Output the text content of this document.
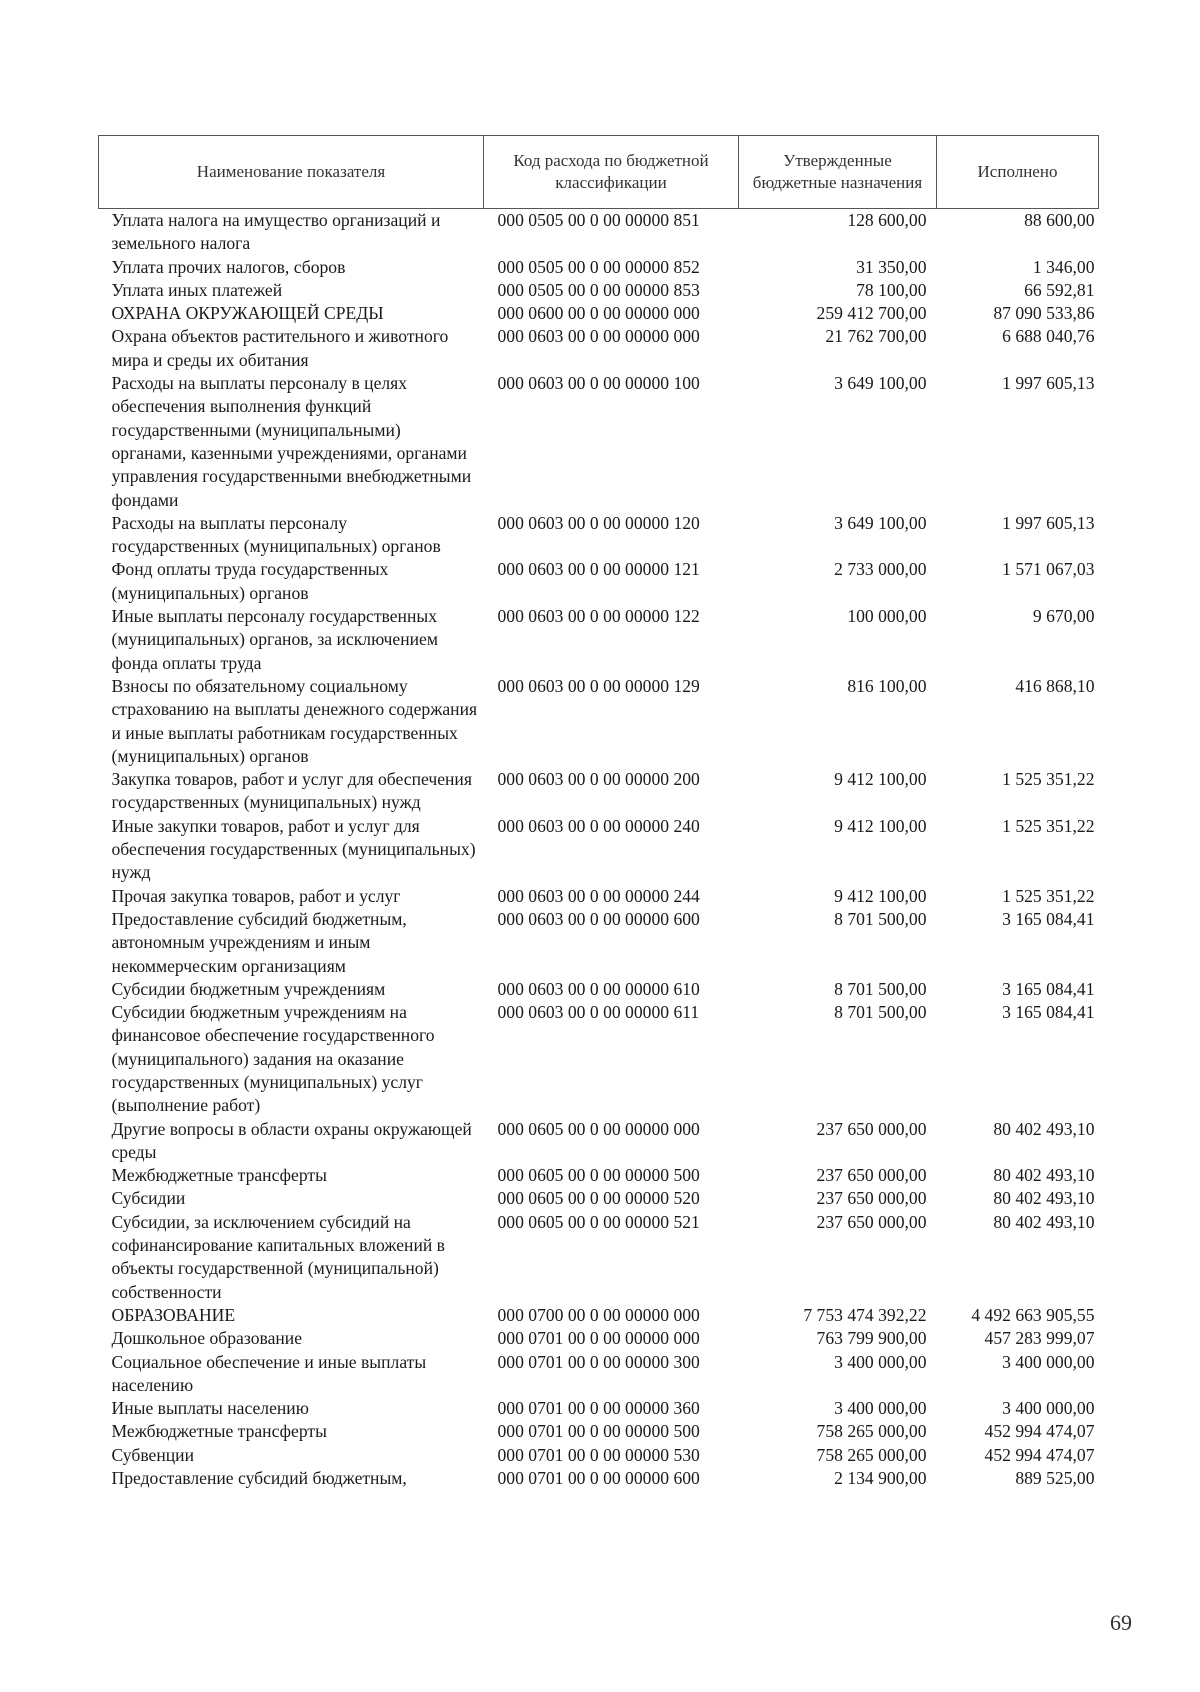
Наименование показателя	Код расхода по бюджетной классификации	Утвержденные бюджетные назначения	Исполнено
Уплата налога на имущество организаций и земельного налога	000 0505 00 0 00 00000 851	128 600,00	88 600,00
Уплата прочих налогов, сборов	000 0505 00 0 00 00000 852	31 350,00	1 346,00
Уплата иных платежей	000 0505 00 0 00 00000 853	78 100,00	66 592,81
ОХРАНА ОКРУЖАЮЩЕЙ СРЕДЫ	000 0600 00 0 00 00000 000	259 412 700,00	87 090 533,86
Охрана объектов растительного и животного мира и среды их обитания	000 0603 00 0 00 00000 000	21 762 700,00	6 688 040,76
Расходы на выплаты персоналу в целях обеспечения выполнения функций государственными (муниципальными) органами, казенными учреждениями, органами управления государственными внебюджетными фондами	000 0603 00 0 00 00000 100	3 649 100,00	1 997 605,13
Расходы на выплаты персоналу государственных (муниципальных) органов	000 0603 00 0 00 00000 120	3 649 100,00	1 997 605,13
Фонд оплаты труда государственных (муниципальных) органов	000 0603 00 0 00 00000 121	2 733 000,00	1 571 067,03
Иные выплаты персоналу государственных (муниципальных) органов, за исключением фонда оплаты труда	000 0603 00 0 00 00000 122	100 000,00	9 670,00
Взносы по обязательному социальному страхованию на выплаты денежного содержания и иные выплаты работникам государственных (муниципальных) органов	000 0603 00 0 00 00000 129	816 100,00	416 868,10
Закупка товаров, работ и услуг для обеспечения государственных (муниципальных) нужд	000 0603 00 0 00 00000 200	9 412 100,00	1 525 351,22
Иные закупки товаров, работ и услуг для обеспечения государственных (муниципальных) нужд	000 0603 00 0 00 00000 240	9 412 100,00	1 525 351,22
Прочая закупка товаров, работ и услуг	000 0603 00 0 00 00000 244	9 412 100,00	1 525 351,22
Предоставление субсидий бюджетным, автономным учреждениям и иным некоммерческим организациям	000 0603 00 0 00 00000 600	8 701 500,00	3 165 084,41
Субсидии бюджетным учреждениям	000 0603 00 0 00 00000 610	8 701 500,00	3 165 084,41
Субсидии бюджетным учреждениям на финансовое обеспечение государственного (муниципального) задания на оказание государственных (муниципальных) услуг (выполнение работ)	000 0603 00 0 00 00000 611	8 701 500,00	3 165 084,41
Другие вопросы в области охраны окружающей среды	000 0605 00 0 00 00000 000	237 650 000,00	80 402 493,10
Межбюджетные трансферты	000 0605 00 0 00 00000 500	237 650 000,00	80 402 493,10
Субсидии	000 0605 00 0 00 00000 520	237 650 000,00	80 402 493,10
Субсидии, за исключением субсидий на софинансирование капитальных вложений в объекты государственной (муниципальной) собственности	000 0605 00 0 00 00000 521	237 650 000,00	80 402 493,10
ОБРАЗОВАНИЕ	000 0700 00 0 00 00000 000	7 753 474 392,22	4 492 663 905,55
Дошкольное образование	000 0701 00 0 00 00000 000	763 799 900,00	457 283 999,07
Социальное обеспечение и иные выплаты населению	000 0701 00 0 00 00000 300	3 400 000,00	3 400 000,00
Иные выплаты населению	000 0701 00 0 00 00000 360	3 400 000,00	3 400 000,00
Межбюджетные трансферты	000 0701 00 0 00 00000 500	758 265 000,00	452 994 474,07
Субвенции	000 0701 00 0 00 00000 530	758 265 000,00	452 994 474,07
Предоставление субсидий бюджетным,	000 0701 00 0 00 00000 600	2 134 900,00	889 525,00
69
